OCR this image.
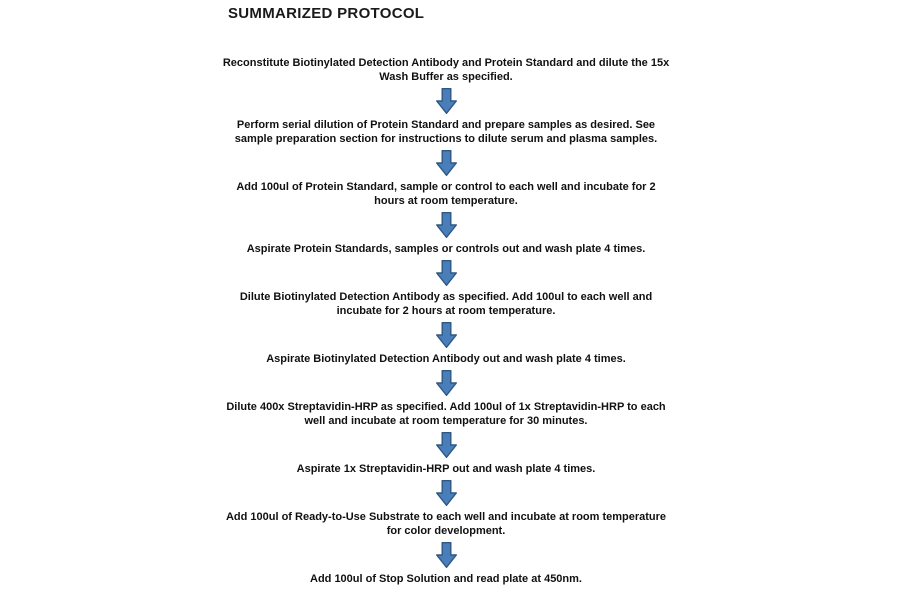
SUMMARIZED PROTOCOL
Reconstitute Biotinylated Detection Antibody and Protein Standard and dilute the 15x
Wash Buffer as specified.
Perform serial dilution of Protein Standard and prepare samples as desired. See
sample preparation section for instructions to dilute serum and plasma samples.
Add 100ul of Protein Standard, sample or control to each well and incubate for 2
hours at room temperature.
Aspirate Protein Standards, samples or controls out and wash plate 4 times.
Dilute Biotinylated Detection Antibody as specified. Add 100ul to each well and
incubate for 2 hours at room temperature.
Aspirate Biotinylated Detection Antibody out and wash plate 4 times.
Dilute 400x Streptavidin-HRP as specified. Add 100ul of 1x Streptavidin-HRP to each
well and incubate at room temperature for 30 minutes.
Aspirate 1x Streptavidin-HRP out and wash plate 4 times.
Add 100ul of Ready-to-Use Substrate to each well and incubate at room temperature
for color development.
Add 100ul of Stop Solution and read plate at 450nm.
